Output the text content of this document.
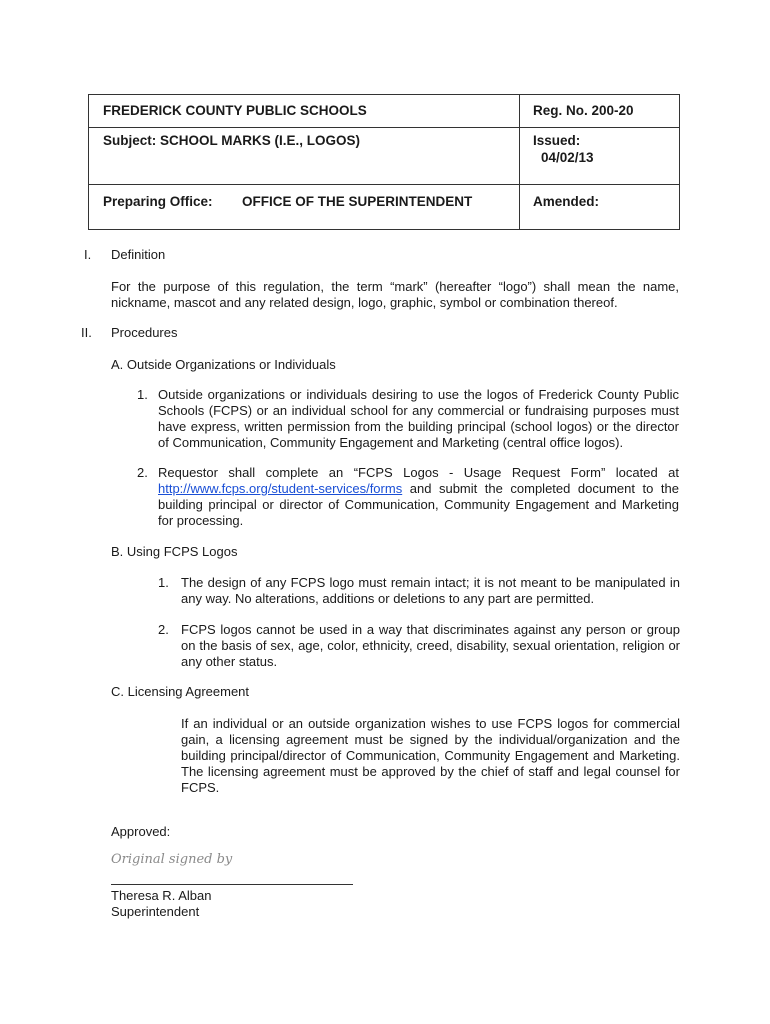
FREDERICK COUNTY PUBLIC SCHOOLS	Reg. No. 200-20
Subject: SCHOOL MARKS (I.E., LOGOS)	Issued:
04/02/13
Preparing Office: OFFICE OF THE SUPERINTENDENT	Amended:
I. Definition
For the purpose of this regulation, the term “mark” (hereafter “logo”) shall mean the name, nickname, mascot and any related design, logo, graphic, symbol or combination thereof.
II. Procedures
A. Outside Organizations or Individuals
1. Outside organizations or individuals desiring to use the logos of Frederick County Public Schools (FCPS) or an individual school for any commercial or fundraising purposes must have express, written permission from the building principal (school logos) or the director of Communication, Community Engagement and Marketing (central office logos).
2. Requestor shall complete an “FCPS Logos - Usage Request Form” located at http://www.fcps.org/student-services/forms and submit the completed document to the building principal or director of Communication, Community Engagement and Marketing for processing.
B. Using FCPS Logos
1. The design of any FCPS logo must remain intact; it is not meant to be manipulated in any way. No alterations, additions or deletions to any part are permitted.
2. FCPS logos cannot be used in a way that discriminates against any person or group on the basis of sex, age, color, ethnicity, creed, disability, sexual orientation, religion or any other status.
C. Licensing Agreement
If an individual or an outside organization wishes to use FCPS logos for commercial gain, a licensing agreement must be signed by the individual/organization and the building principal/director of Communication, Community Engagement and Marketing. The licensing agreement must be approved by the chief of staff and legal counsel for FCPS.
Approved:
Original signed by
Theresa R. Alban
Superintendent
